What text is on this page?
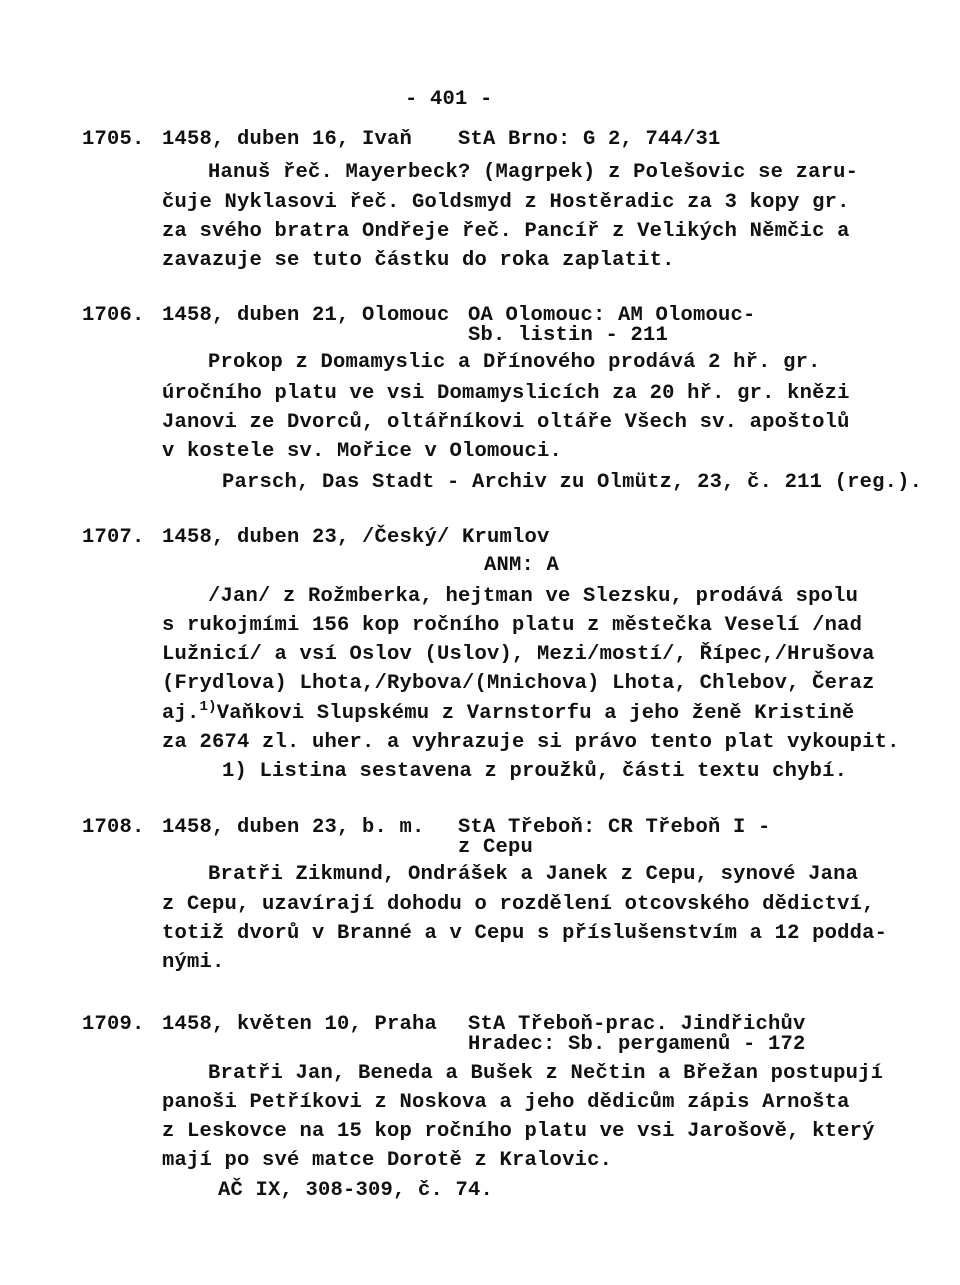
- 401 -
1705. 1458, duben 16, Ivaň StA Brno: G 2, 744/31
Hanuš řeč. Mayerbeck? (Magrpek) z Polešovic se zaru-
čuje Nyklasovi řeč. Goldsmyd z Hostěradic za 3 kopy gr.
za svého bratra Ondřeje řeč. Pancíř z Velikých Němčic a
zavazuje se tuto částku do roka zaplatit.
1706. 1458, duben 21, Olomouc OA Olomouc: AM Olomouc-
Sb. listin - 211
Prokop z Domamyslic a Dřínového prodává 2 hř. gr.
úročního platu ve vsi Domamyslicích za 20 hř. gr. knězi
Janovi ze Dvorců, oltářníkovi oltáře Všech sv. apoštolů
v kostele sv. Mořice v Olomouci.
Parsch, Das Stadt - Archiv zu Olmütz, 23, č. 211 (reg.).
1707. 1458, duben 23, /Český/ Krumlov
ANM: A
/Jan/ z Rožmberka, hejtman ve Slezsku, prodává spolu
s rukojmími 156 kop ročního platu z městečka Veselí /nad
Lužnicí/ a vsí Oslov (Uslov), Mezi/mostí/, Řípec,/Hrušova
(Frydlova) Lhota,/Rybova/(Mnichova) Lhota, Chlebov, Čeraz
aj.$^{1)}$Vaňkovi Slupskému z Varnstorfu a jeho ženě Kristině
za 2674 zl. uher. a vyhrazuje si právo tento plat vykoupit.
1) Listina sestavena z proužků, části textu chybí.
1708. 1458, duben 23, b. m. StA Třeboň: CR Třeboň I -
z Cepu
Bratři Zikmund, Ondrášek a Janek z Cepu, synové Jana
z Cepu, uzavírají dohodu o rozdělení otcovského dědictví,
totiž dvorů v Branné a v Cepu s příslušenstvím a 12 podda-
nými.
1709. 1458, květen 10, Praha StA Třeboň-prac. Jindřichův
Hradec: Sb. pergamenů - 172
Bratři Jan, Beneda a Bušek z Nečtin a Břežan postupují
panoši Petříkovi z Noskova a jeho dědicům zápis Arnošta
z Leskovce na 15 kop ročního platu ve vsi Jarošově, který
mají po své matce Dorotě z Kralovic.
AČ IX, 308-309, č. 74.
